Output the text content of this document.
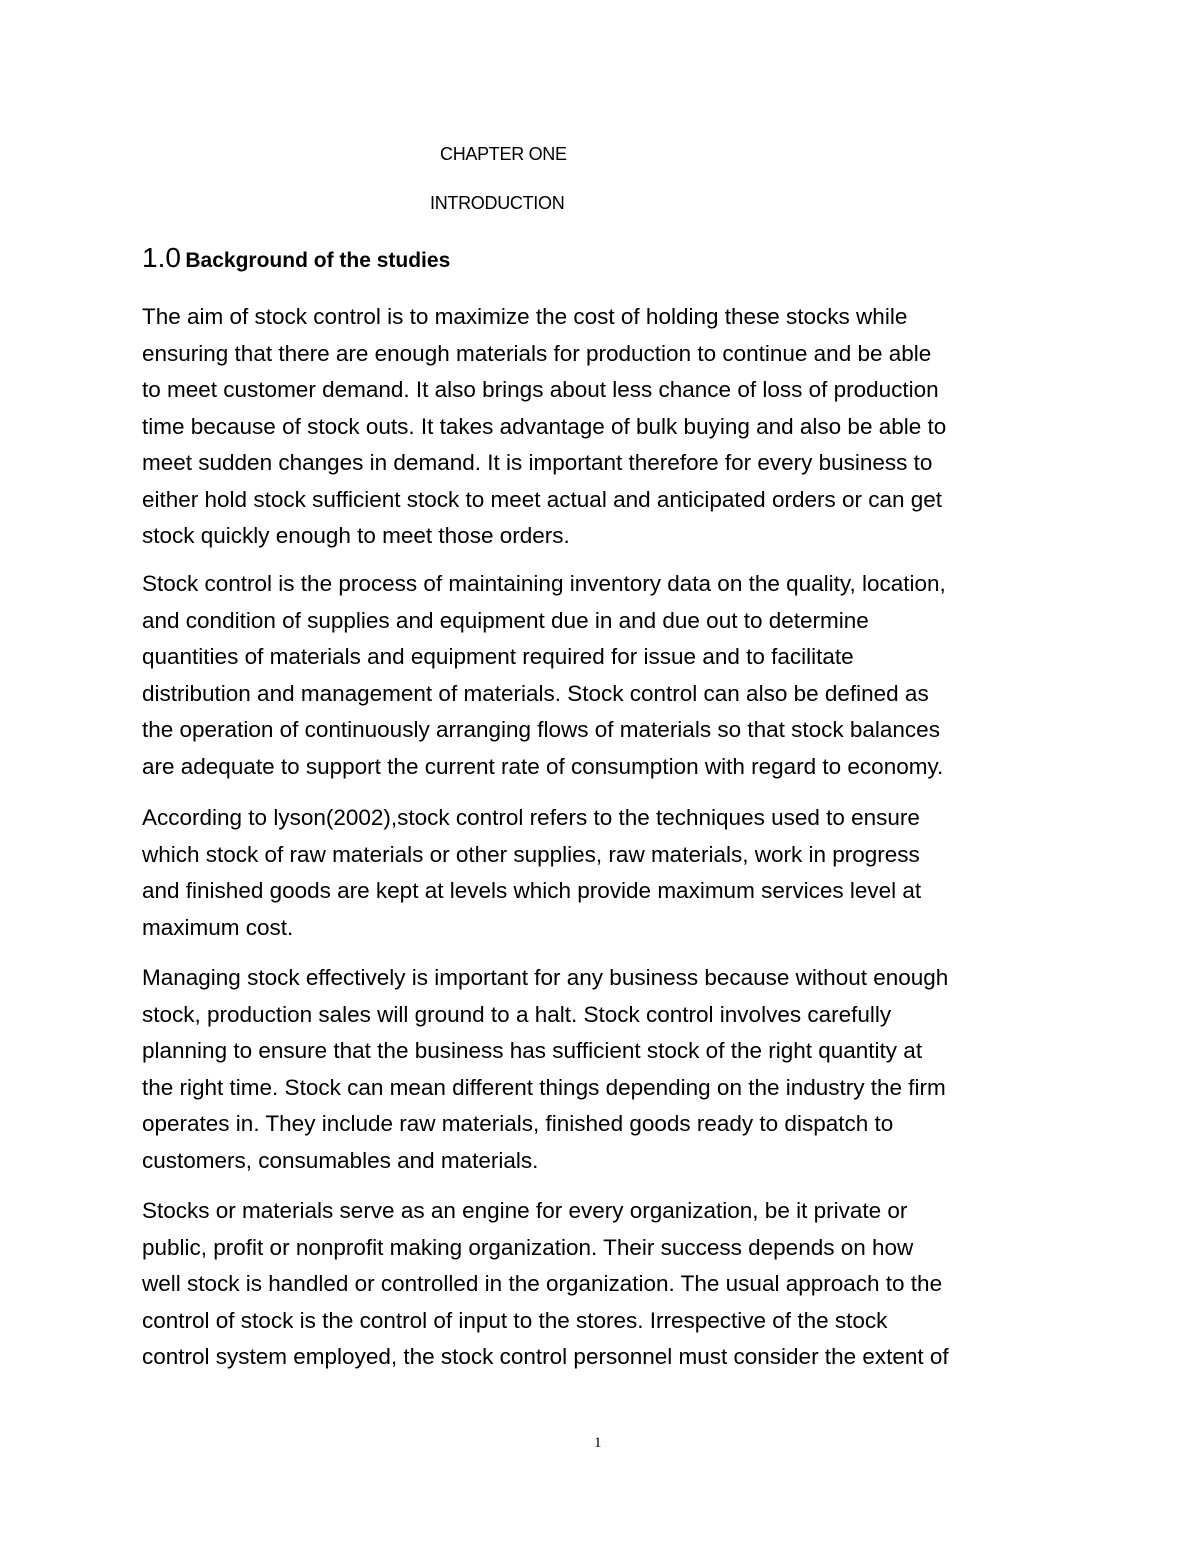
CHAPTER ONE
INTRODUCTION
1.0 Background of the studies
The aim of stock control is to maximize the cost of holding these stocks while
ensuring that there are enough materials for production to continue and be able
to meet customer demand. It also brings about less chance of loss of production
time because of stock outs. It takes advantage of bulk buying and also be able to
meet sudden changes in demand. It is important therefore for every business to
either hold stock sufficient stock to meet actual and anticipated orders or can get
stock quickly enough to meet those orders.
Stock control is the process of maintaining inventory data on the quality, location,
and condition of supplies and equipment due in and due out to determine
quantities of materials and equipment required for issue and to facilitate
distribution and management of materials. Stock control can also be defined as
the operation of continuously arranging flows of materials so that stock balances
are adequate to support the current rate of consumption with regard to economy.
According to lyson(2002),stock control refers to the techniques used to ensure
which stock of raw materials or other supplies, raw materials, work in progress
and finished goods are kept at levels which provide maximum services level at
maximum cost.
Managing stock effectively is important for any business because without enough
stock, production sales will ground to a halt. Stock control involves carefully
planning to ensure that the business has sufficient stock of the right quantity at
the right time. Stock can mean different things depending on the industry the firm
operates in. They include raw materials, finished goods ready to dispatch to
customers, consumables and materials.
Stocks or materials serve as an engine for every organization, be it private or
public, profit or nonprofit making organization. Their success depends on how
well stock is handled or controlled in the organization. The usual approach to the
control of stock is the control of input to the stores. Irrespective of the stock
control system employed, the stock control personnel must consider the extent of
1
